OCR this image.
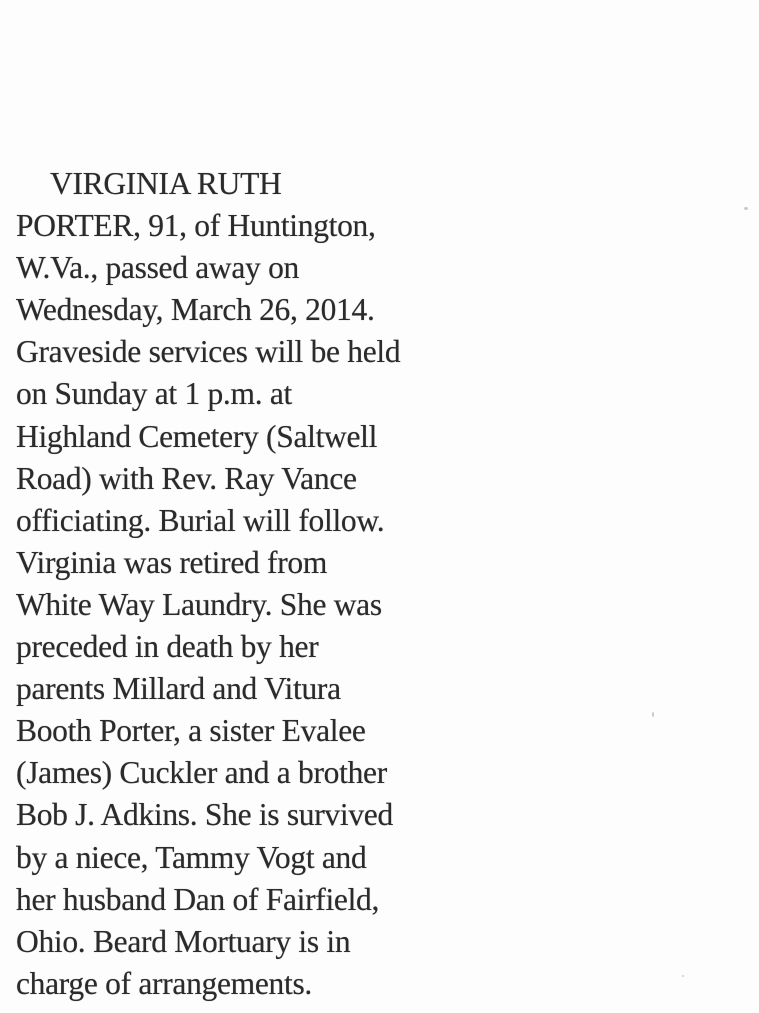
VIRGINIA RUTH
PORTER, 91, of Huntington,
W.Va., passed away on
Wednesday, March 26, 2014.
Graveside services will be held
on Sunday at 1 p.m. at
Highland Cemetery (Saltwell
Road) with Rev. Ray Vance
officiating. Burial will follow.
Virginia was retired from
White Way Laundry. She was
preceded in death by her
parents Millard and Vitura
Booth Porter, a sister Evalee
(James) Cuckler and a brother
Bob J. Adkins. She is survived
by a niece, Tammy Vogt and
her husband Dan of Fairfield,
Ohio. Beard Mortuary is in
charge of arrangements.
